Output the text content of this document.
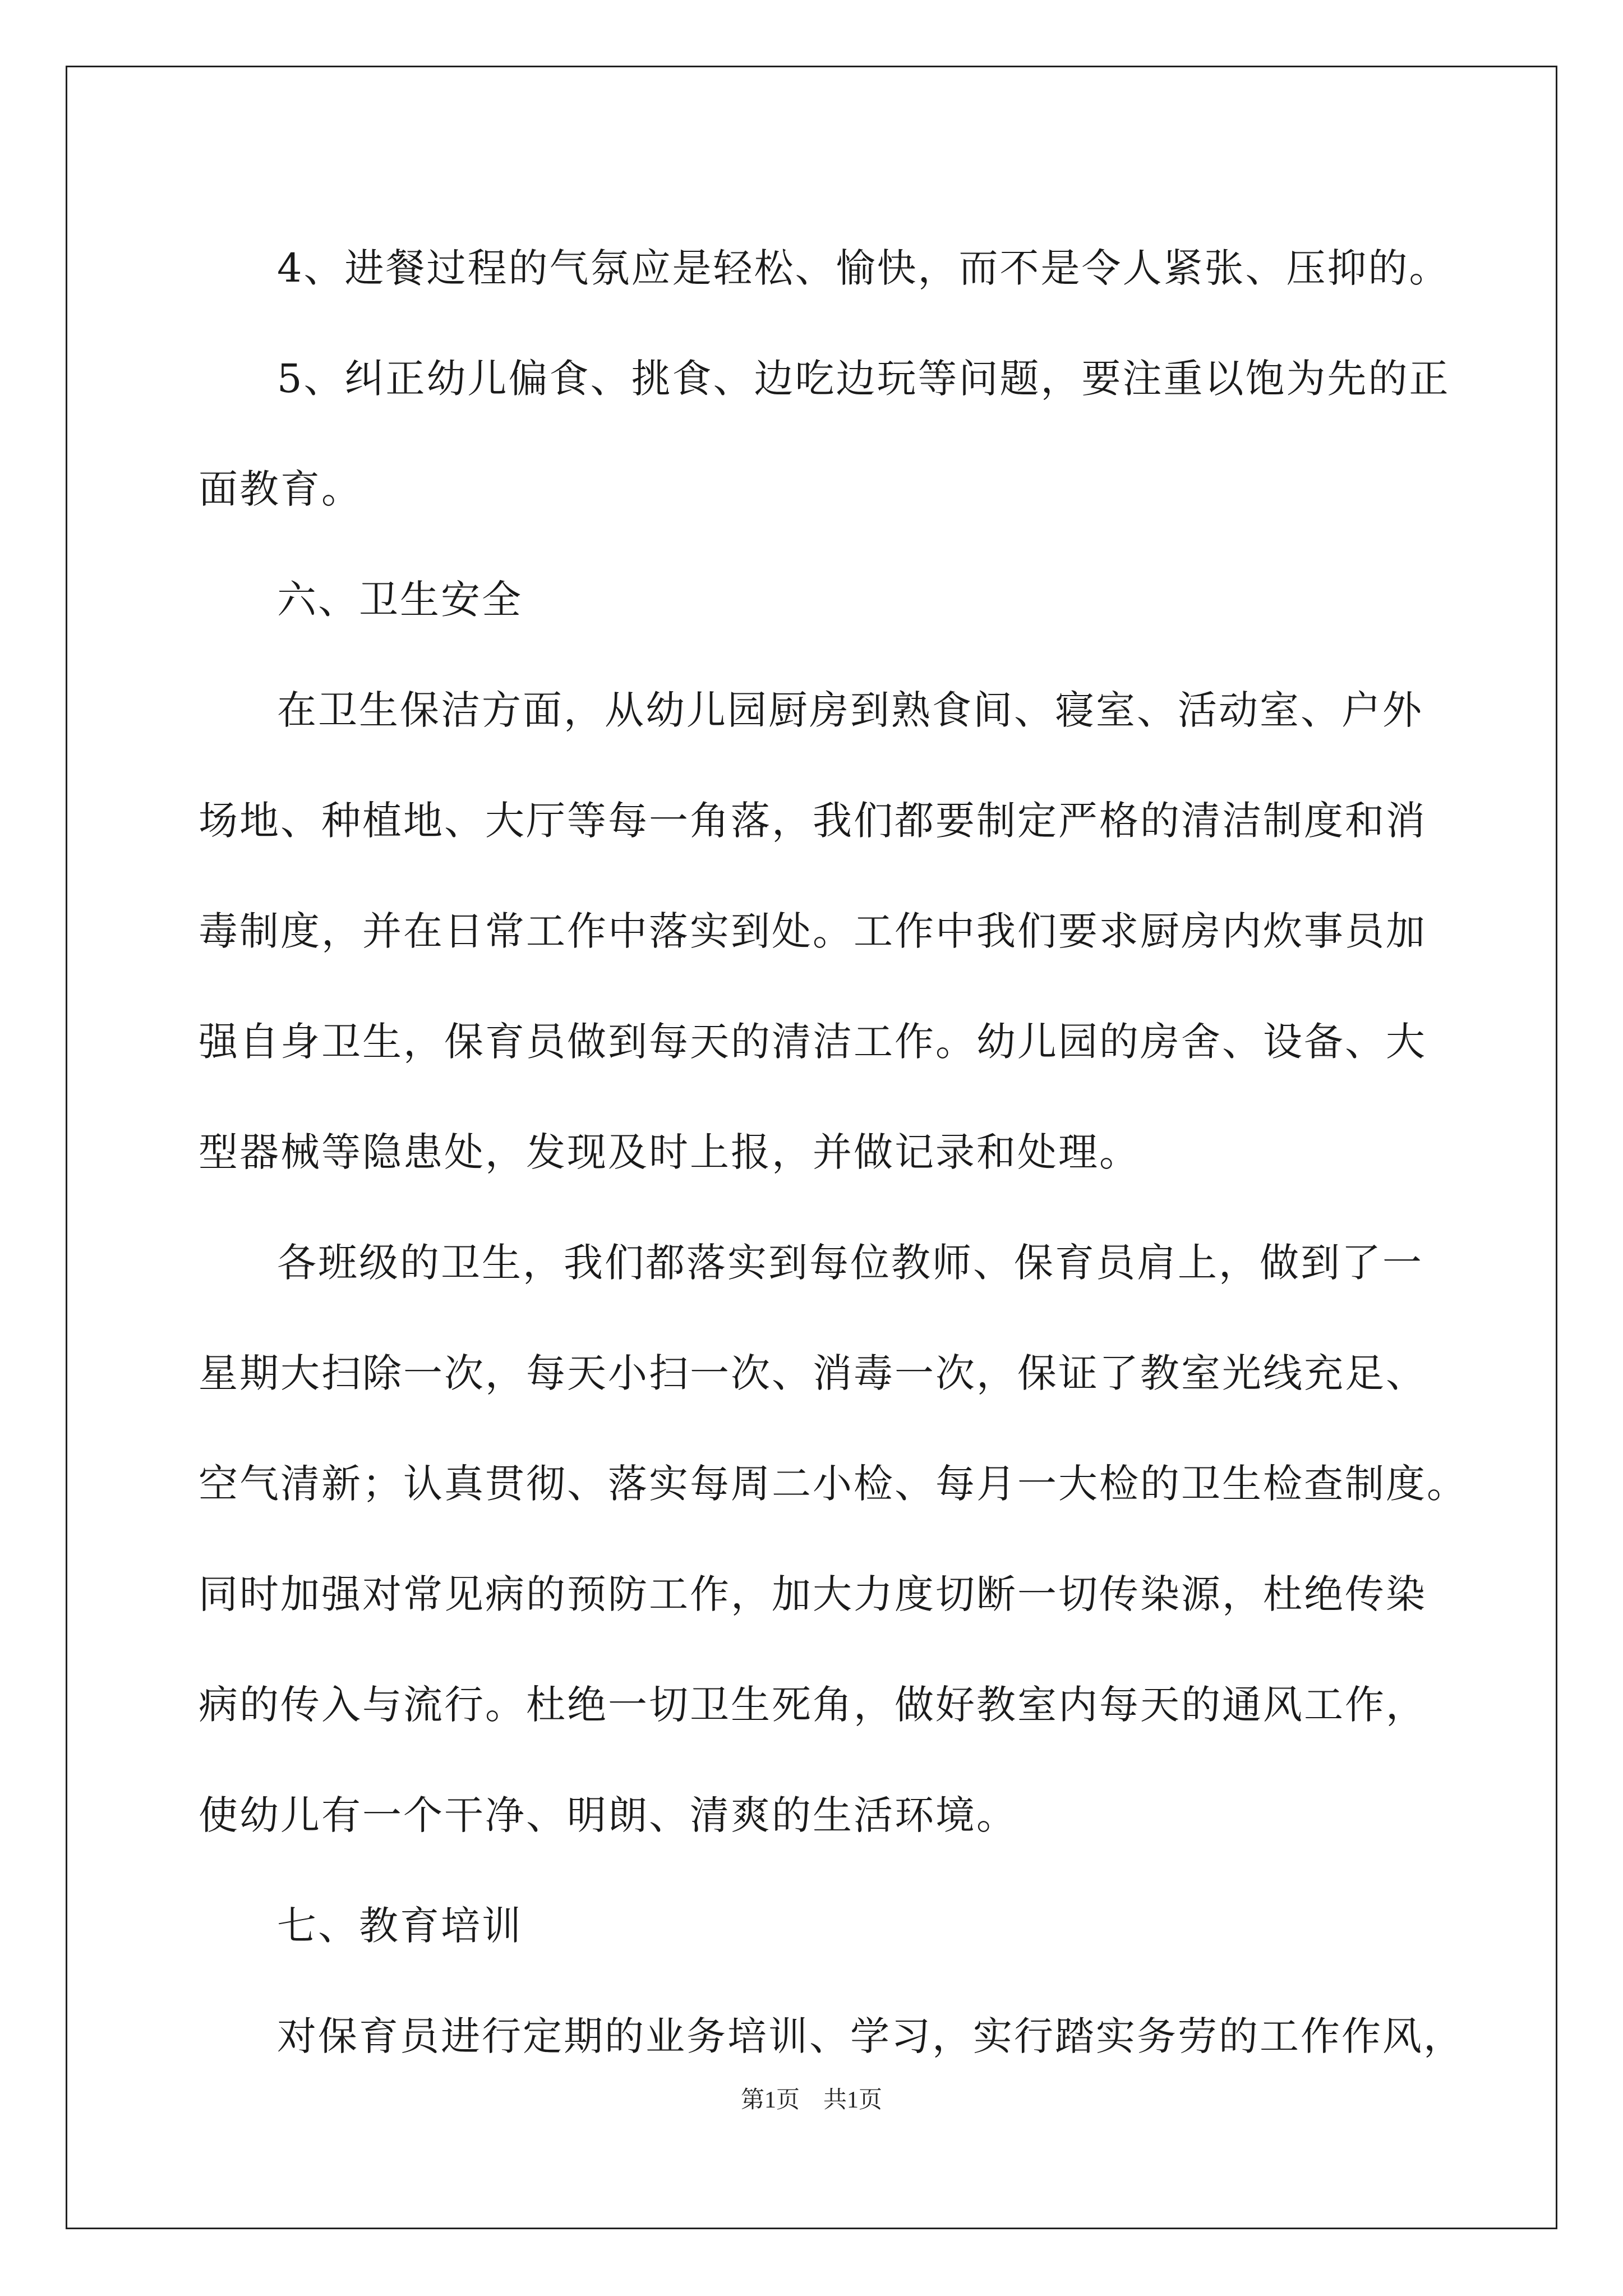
4、进餐过程的气氛应是轻松、愉快，而不是令人紧张、压抑的。
5、纠正幼儿偏食、挑食、边吃边玩等问题，要注重以饱为先的正
面教育。
六、卫生安全
在卫生保洁方面，从幼儿园厨房到熟食间、寝室、活动室、户外
场地、种植地、大厅等每一角落，我们都要制定严格的清洁制度和消
毒制度，并在日常工作中落实到处。工作中我们要求厨房内炊事员加
强自身卫生，保育员做到每天的清洁工作。幼儿园的房舍、设备、大
型器械等隐患处，发现及时上报，并做记录和处理。
各班级的卫生，我们都落实到每位教师、保育员肩上，做到了一
星期大扫除一次，每天小扫一次、消毒一次，保证了教室光线充足、
空气清新；认真贯彻、落实每周二小检、每月一大检的卫生检查制度。
同时加强对常见病的预防工作，加大力度切断一切传染源，杜绝传染
病的传入与流行。杜绝一切卫生死角，做好教室内每天的通风工作，
使幼儿有一个干净、明朗、清爽的生活环境。
七、教育培训
对保育员进行定期的业务培训、学习，实行踏实务劳的工作作风，
第1页　共1页
